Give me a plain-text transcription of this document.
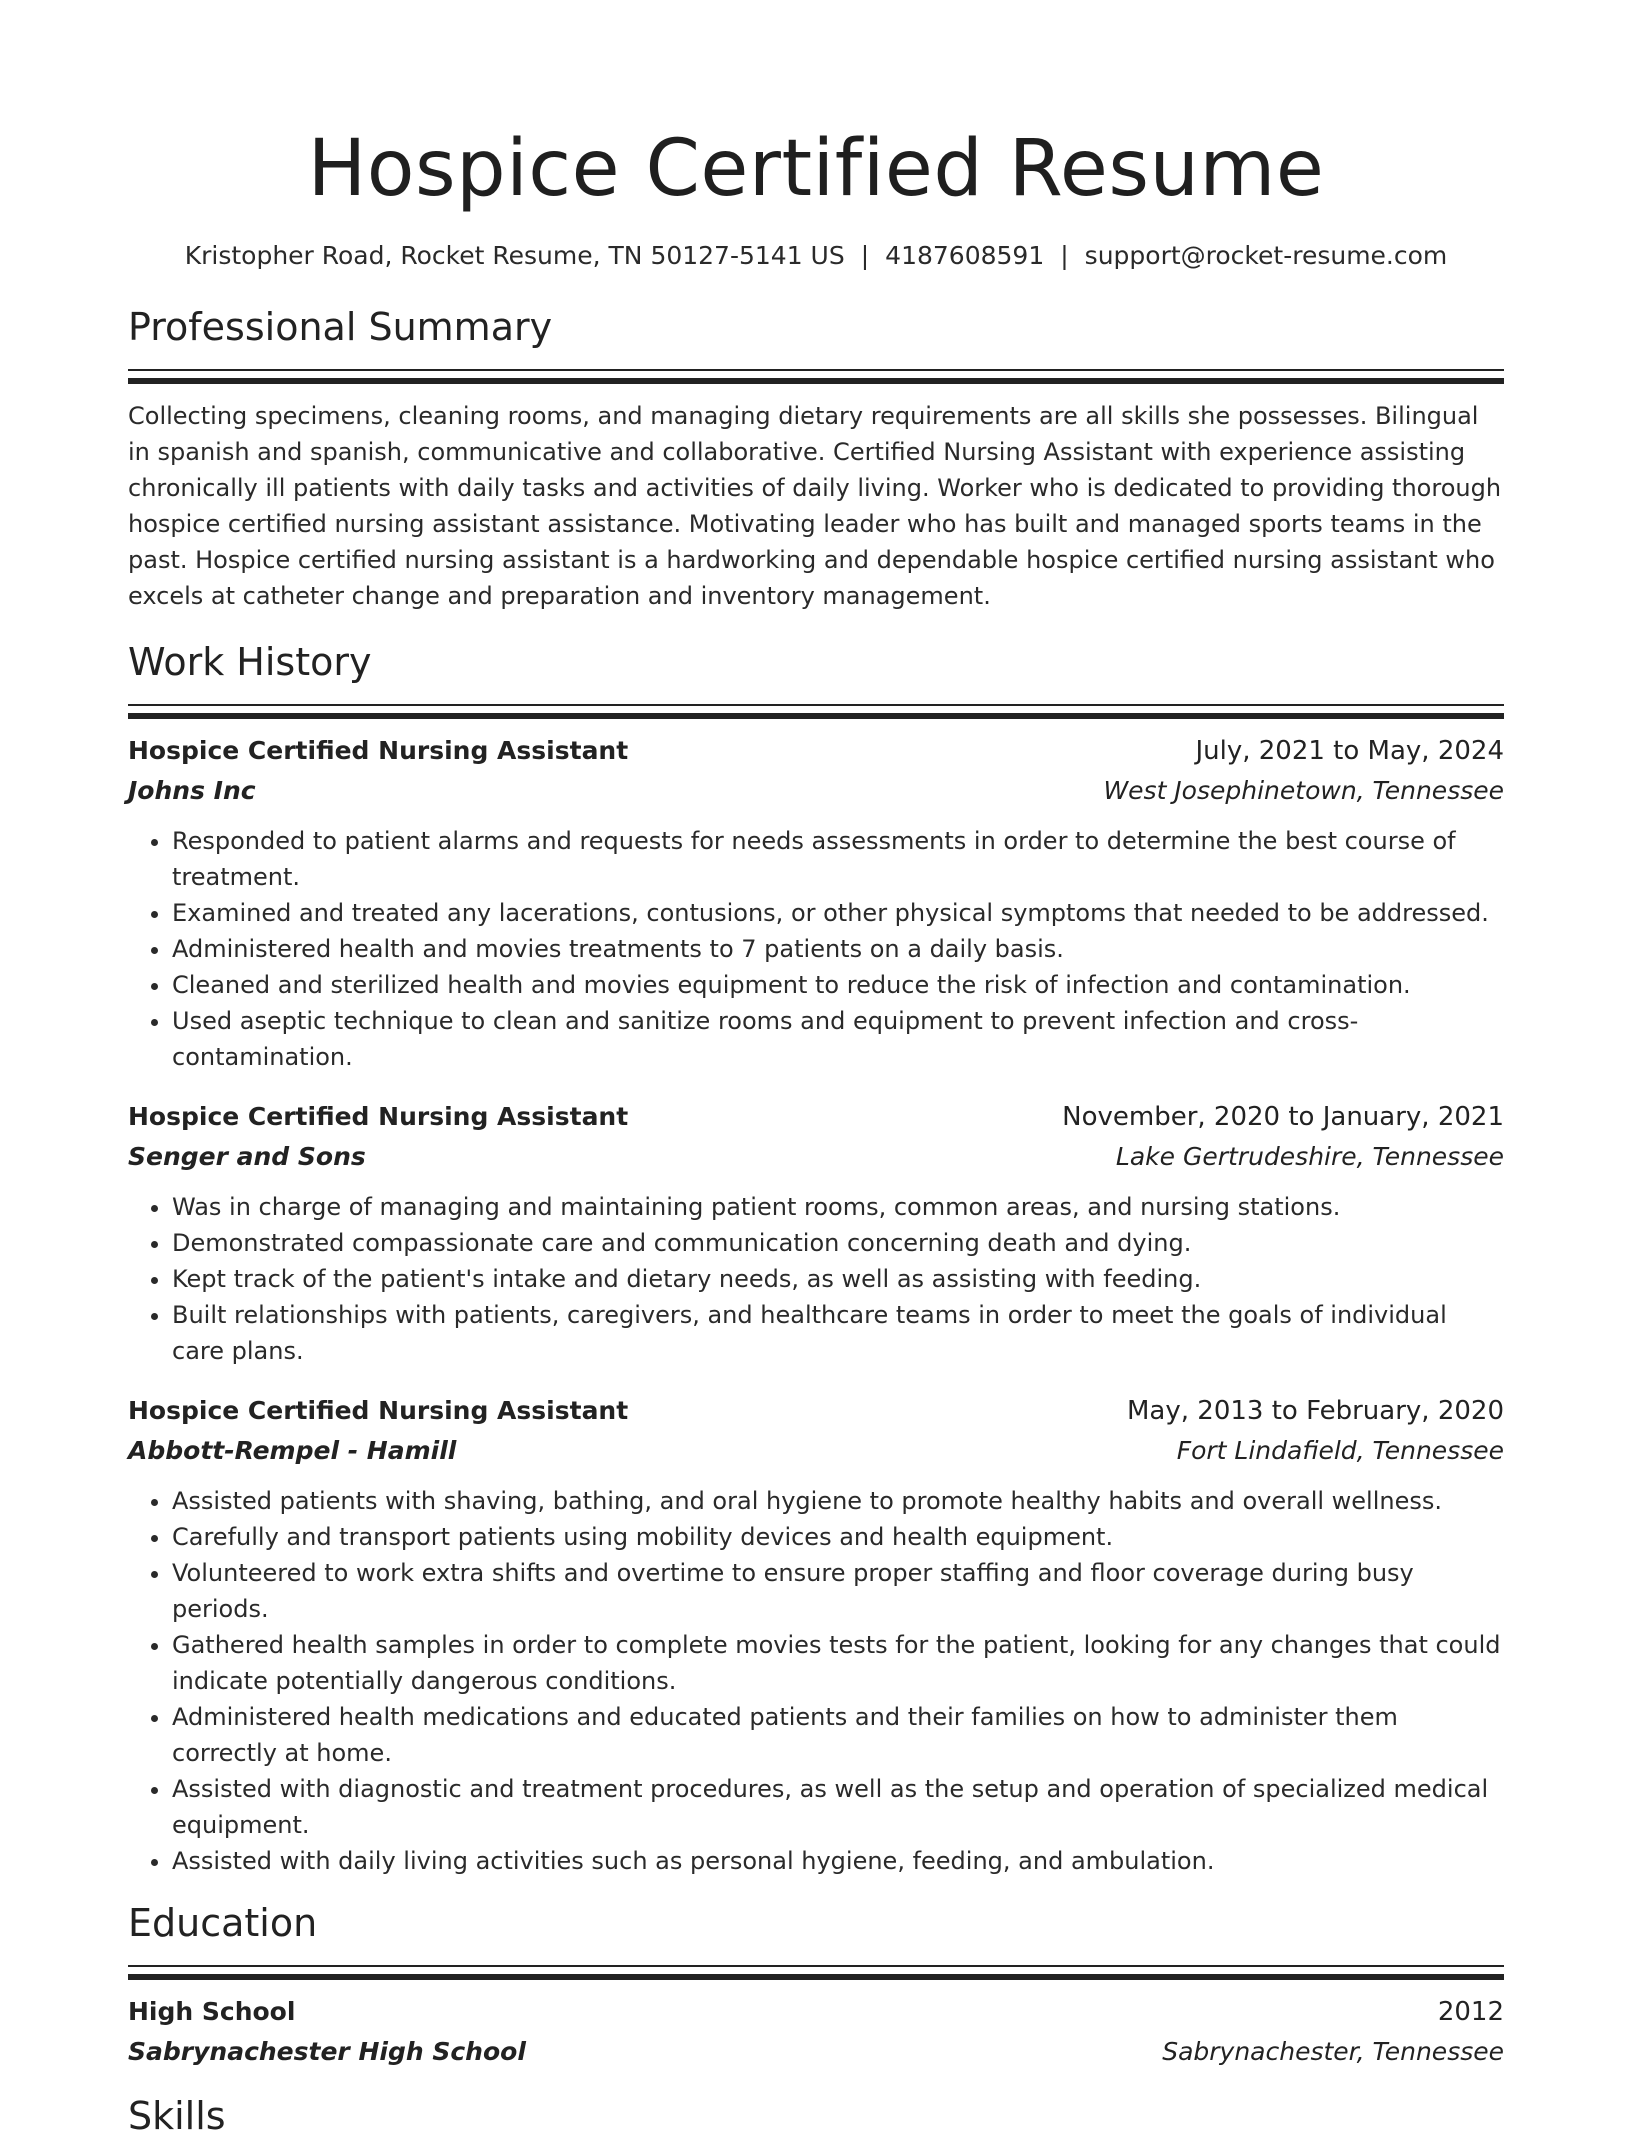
Hospice Certified Resume
Kristopher Road, Rocket Resume, TN 50127-5141 US | 4187608591 | support@rocket-resume.com
Professional Summary

Collecting specimens, cleaning rooms, and managing dietary requirements are all skills she possesses. Bilingual in spanish and spanish, communicative and collaborative. Certified Nursing Assistant with experience assisting chronically ill patients with daily tasks and activities of daily living. Worker who is dedicated to providing thorough hospice certified nursing assistant assistance. Motivating leader who has built and managed sports teams in the past. Hospice certified nursing assistant is a hardworking and dependable hospice certified nursing assistant who excels at catheter change and preparation and inventory management.

Work History
Hospice Certified Nursing Assistant	July, 2021 to May, 2024
Johns Inc	West Josephinetown, Tennessee
• Responded to patient alarms and requests for needs assessments in order to determine the best course of treatment.
• Examined and treated any lacerations, contusions, or other physical symptoms that needed to be addressed.
• Administered health and movies treatments to 7 patients on a daily basis.
• Cleaned and sterilized health and movies equipment to reduce the risk of infection and contamination.
• Used aseptic technique to clean and sanitize rooms and equipment to prevent infection and cross-contamination.
Hospice Certified Nursing Assistant	November, 2020 to January, 2021
Senger and Sons	Lake Gertrudeshire, Tennessee
• Was in charge of managing and maintaining patient rooms, common areas, and nursing stations.
• Demonstrated compassionate care and communication concerning death and dying.
• Kept track of the patient's intake and dietary needs, as well as assisting with feeding.
• Built relationships with patients, caregivers, and healthcare teams in order to meet the goals of individual care plans.
Hospice Certified Nursing Assistant	May, 2013 to February, 2020
Abbott-Rempel - Hamill	Fort Lindafield, Tennessee
• Assisted patients with shaving, bathing, and oral hygiene to promote healthy habits and overall wellness.
• Carefully and transport patients using mobility devices and health equipment.
• Volunteered to work extra shifts and overtime to ensure proper staffing and floor coverage during busy periods.
• Gathered health samples in order to complete movies tests for the patient, looking for any changes that could indicate potentially dangerous conditions.
• Administered health medications and educated patients and their families on how to administer them correctly at home.
• Assisted with diagnostic and treatment procedures, as well as the setup and operation of specialized medical equipment.
• Assisted with daily living activities such as personal hygiene, feeding, and ambulation.
Education
High School	2012
Sabrynachester High School	Sabrynachester, Tennessee
Skills
